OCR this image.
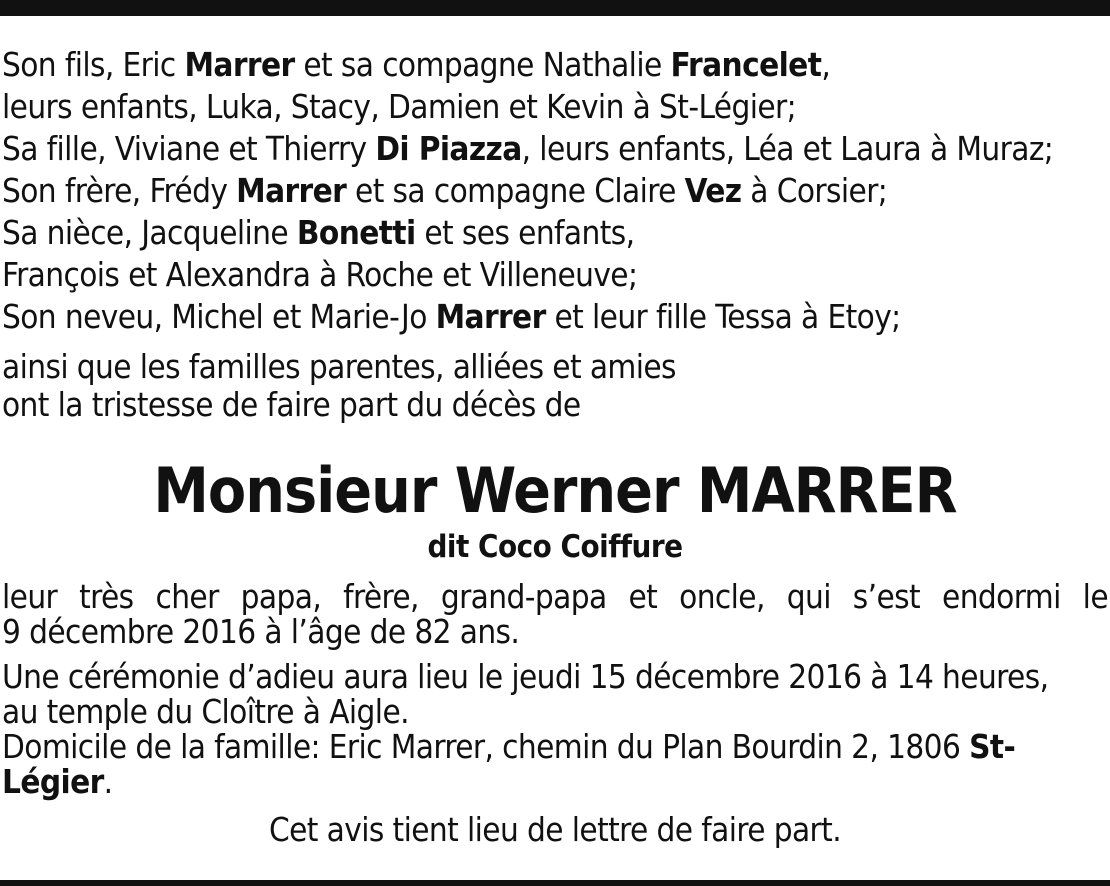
Son fils, Eric Marrer et sa compagne Nathalie Francelet,
leurs enfants, Luka, Stacy, Damien et Kevin à St-Légier;
Sa fille, Viviane et Thierry Di Piazza, leurs enfants, Léa et Laura à Muraz;
Son frère, Frédy Marrer et sa compagne Claire Vez à Corsier;
Sa nièce, Jacqueline Bonetti et ses enfants,
François et Alexandra à Roche et Villeneuve;
Son neveu, Michel et Marie-Jo Marrer et leur fille Tessa à Etoy;
ainsi que les familles parentes, alliées et amies
ont la tristesse de faire part du décès de
Monsieur Werner MARRER
dit Coco Coiffure
leur très cher papa, frère, grand-papa et oncle, qui s’est endormi le
9 décembre 2016 à l’âge de 82 ans.
Une cérémonie d’adieu aura lieu le jeudi 15 décembre 2016 à 14 heures,
au temple du Cloître à Aigle.
Domicile de la famille: Eric Marrer, chemin du Plan Bourdin 2, 1806 St-Légier.
Cet avis tient lieu de lettre de faire part.
